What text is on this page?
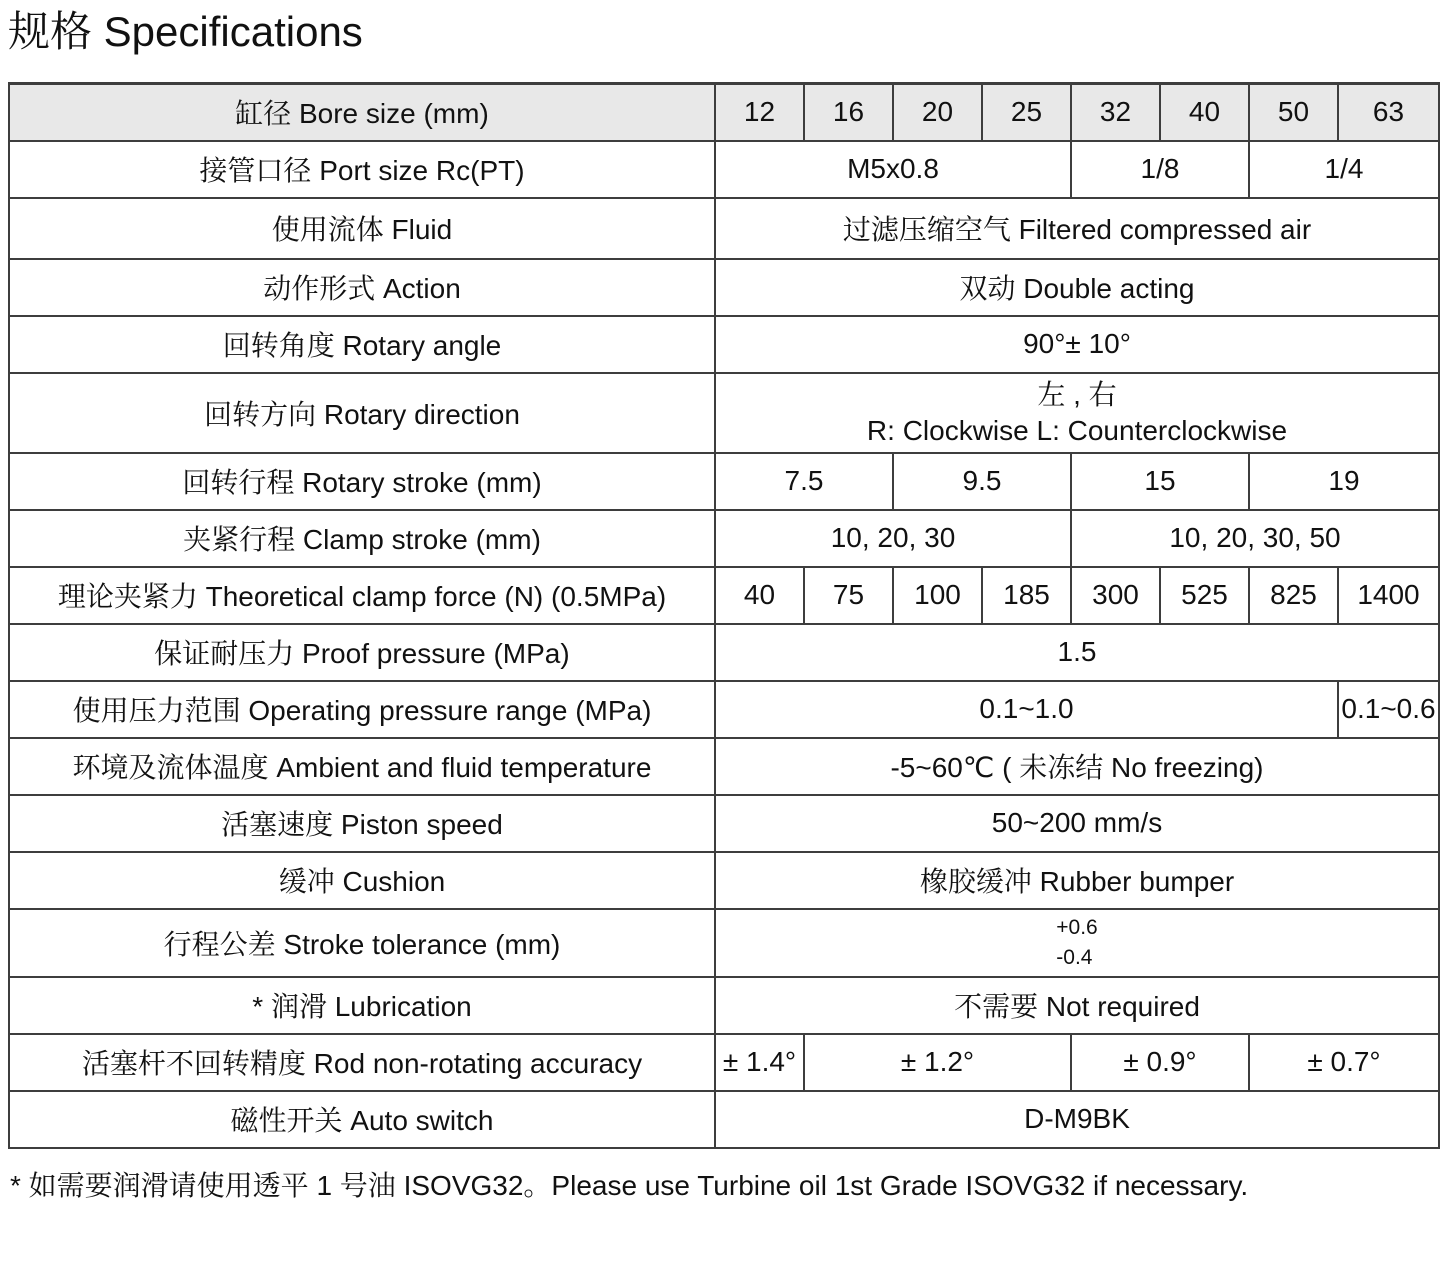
规格 Specifications
缸径 Bore size (mm)	12	16	20	25	32	40	50	63
接管口径 Port size Rc(PT)	M5x0.8				1/8		1/4	
使用流体 Fluid	过滤压缩空气 Filtered compressed air							
动作形式 Action	双动 Double acting							
回转角度 Rotary angle	90°± 10°							
回转方向 Rotary direction	左 , 右
R: Clockwise L: Counterclockwise							

回转行程 Rotary stroke (mm)	7.5		9.5		15		19	
夹紧行程 Clamp stroke (mm)	10, 20, 30				10, 20, 30, 50			
理论夹紧力 Theoretical clamp force (N) (0.5MPa)	40	75	100	185	300	525	825	1400
保证耐压力 Proof pressure (MPa)	1.5							
使用压力范围 Operating pressure range (MPa)	0.1~1.0							0.1~0.6
环境及流体温度 Ambient and fluid temperature	-5~60℃ ( 未冻结 No freezing)							
活塞速度 Piston speed	50~200 mm/s							
缓冲 Cushion	橡胶缓冲 Rubber bumper							
行程公差 Stroke tolerance (mm)	+0.6
-0.4							

* 润滑 Lubrication	不需要 Not required							
活塞杆不回转精度 Rod non-rotating accuracy	± 1.4°	± 1.2°			± 0.9°		± 0.7°	
磁性开关 Auto switch	D-M9BK							
* 如需要润滑请使用透平 1 号油 ISOVG32。Please use Turbine oil 1st Grade ISOVG32 if necessary.
